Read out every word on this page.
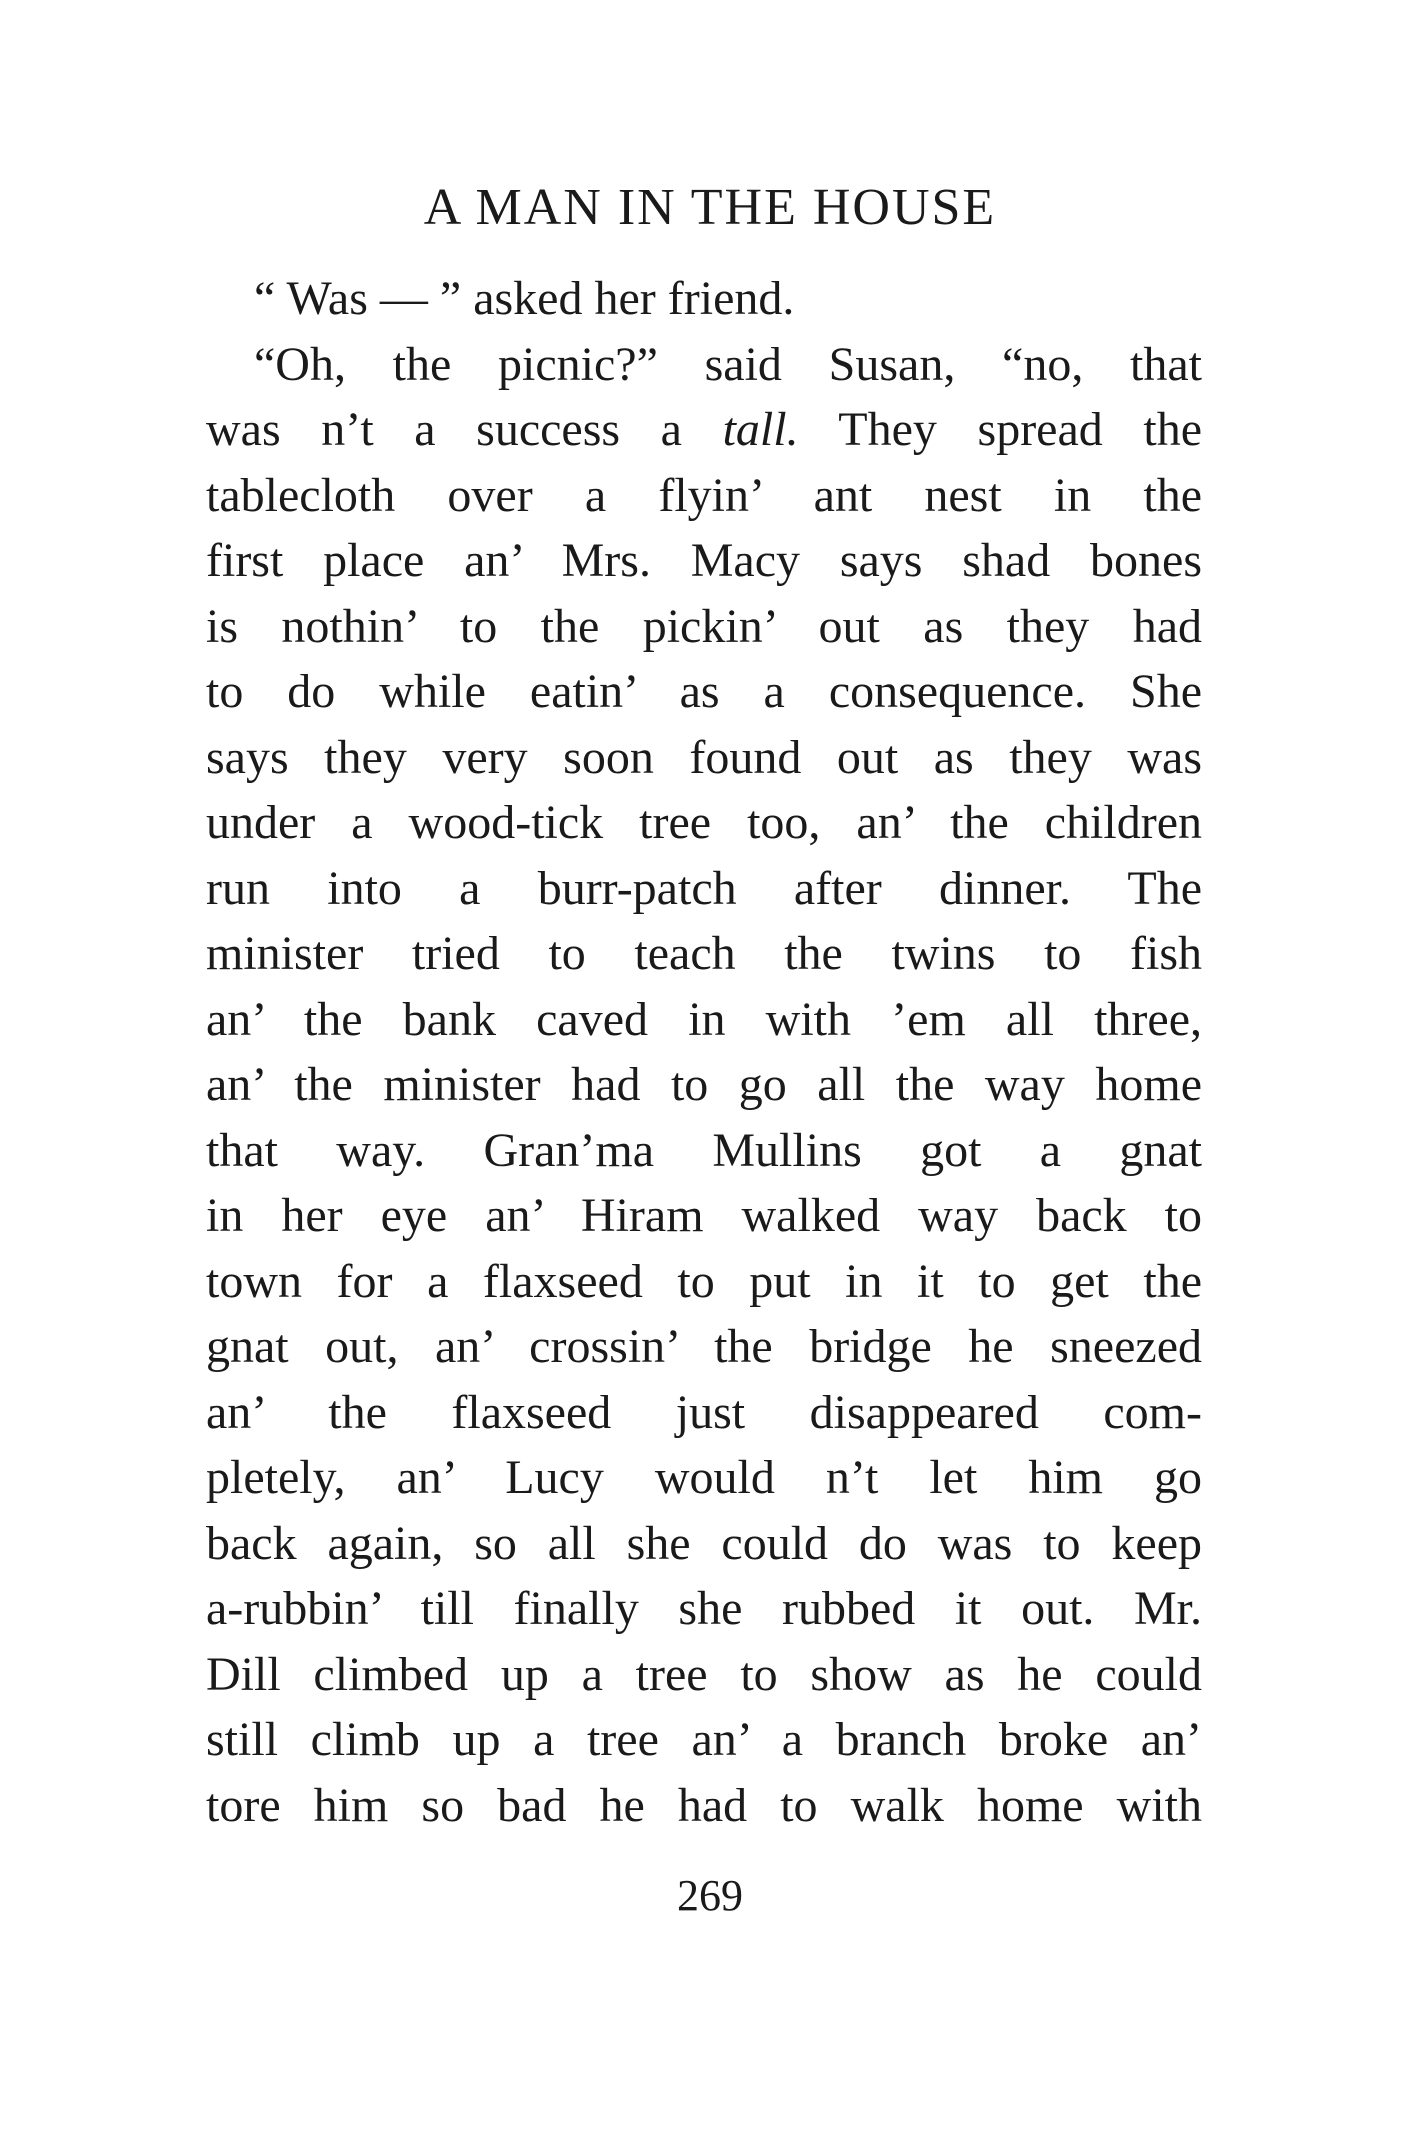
A MAN IN THE HOUSE
“ Was — ” asked her friend.
“Oh, the picnic?” said Susan, “no, that
was n’t a success a tall. They spread the
tablecloth over a flyin’ ant nest in the
first place an’ Mrs. Macy says shad bones
is nothin’ to the pickin’ out as they had
to do while eatin’ as a consequence. She
says they very soon found out as they was
under a wood-tick tree too, an’ the children
run into a burr-patch after dinner. The
minister tried to teach the twins to fish
an’ the bank caved in with ’em all three,
an’ the minister had to go all the way home
that way. Gran’ma Mullins got a gnat
in her eye an’ Hiram walked way back to
town for a flaxseed to put in it to get the
gnat out, an’ crossin’ the bridge he sneezed
an’ the flaxseed just disappeared com-
pletely, an’ Lucy would n’t let him go
back again, so all she could do was to keep
a-rubbin’ till finally she rubbed it out. Mr.
Dill climbed up a tree to show as he could
still climb up a tree an’ a branch broke an’
tore him so bad he had to walk home with
269
